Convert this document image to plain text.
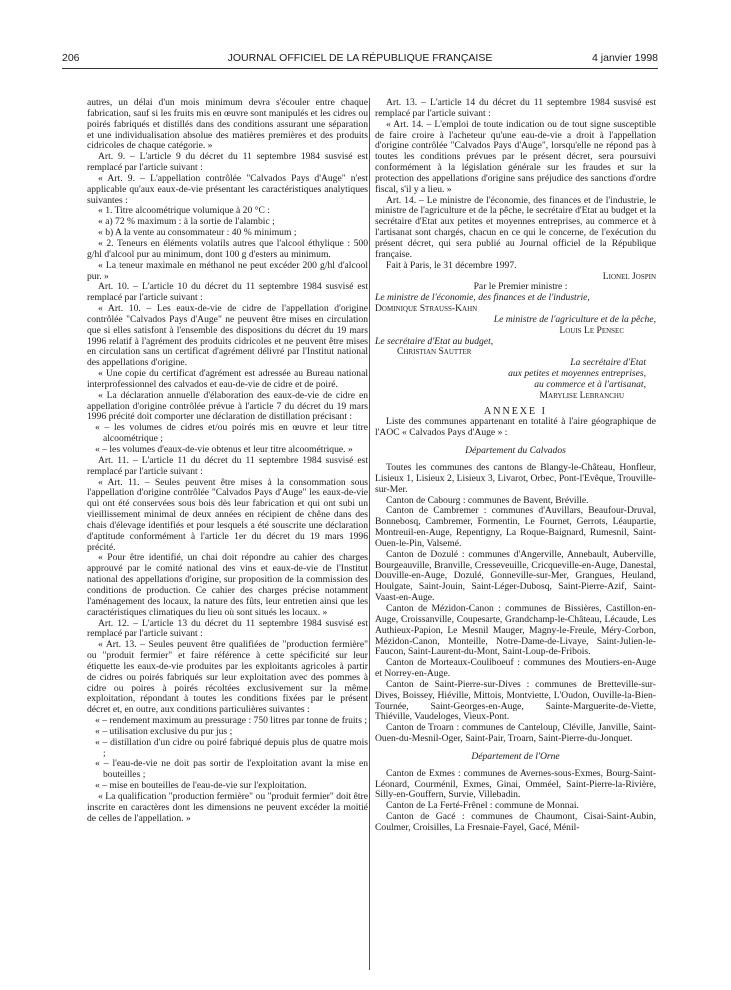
206	JOURNAL OFFICIEL DE LA RÉPUBLIQUE FRANÇAISE	4 janvier 1998

autres, un délai d'un mois minimum devra s'écouler entre chaque fabrication, sauf si les fruits mis en œuvre sont manipulés et les cidres ou poirés fabriqués et distillés dans des conditions assurant une séparation et une individualisation absolue des matières premières et des produits cidricoles de chaque catégorie. »

Art. 9. – L'article 9 du décret du 11 septembre 1984 susvisé est remplacé par l'article suivant :

« Art. 9. – L'appellation contrôlée "Calvados Pays d'Auge" n'est applicable qu'aux eaux-de-vie présentant les caractéristiques analytiques suivantes :

« 1. Titre alcoométrique volumique à 20 °C :

« a) 72 % maximum : à la sortie de l'alambic ;

« b) A la vente au consommateur : 40 % minimum ;

« 2. Teneurs en éléments volatils autres que l'alcool éthylique : 500 g/hl d'alcool pur au minimum, dont 100 g d'esters au minimum.

« La teneur maximale en méthanol ne peut excéder 200 g/hl d'alcool pur. »

Art. 10. – L'article 10 du décret du 11 septembre 1984 susvisé est remplacé par l'article suivant :

« Art. 10. – Les eaux-de-vie de cidre de l'appellation d'origine contrôlée "Calvados Pays d'Auge" ne peuvent être mises en circulation que si elles satisfont à l'ensemble des dispositions du décret du 19 mars 1996 relatif à l'agrément des produits cidricoles et ne peuvent être mises en circulation sans un certificat d'agrément délivré par l'Institut national des appellations d'origine.

« Une copie du certificat d'agrément est adressée au Bureau national interprofessionnel des calvados et eau-de-vie de cidre et de poiré.

« La déclaration annuelle d'élaboration des eaux-de-vie de cidre en appellation d'origine contrôlée prévue à l'article 7 du décret du 19 mars 1996 précité doit comporter une déclaration de distillation précisant :

« – les volumes de cidres et/ou poirés mis en œuvre et leur titre alcoométrique ;

« – les volumes d'eaux-de-vie obtenus et leur titre alcoométrique. »

Art. 11. – L'article 11 du décret du 11 septembre 1984 susvisé est remplacé par l'article suivant :

« Art. 11. – Seules peuvent être mises à la consommation sous l'appellation d'origine contrôlée "Calvados Pays d'Auge" les eaux-de-vie qui ont été conservées sous bois dès leur fabrication et qui ont subi un vieillissement minimal de deux années en récipient de chêne dans des chais d'élevage identifiés et pour lesquels a été souscrite une déclaration d'aptitude conformément à l'article 1er du décret du 19 mars 1996 précité.

« Pour être identifié, un chai doit répondre au cahier des charges approuvé par le comité national des vins et eaux-de-vie de l'Institut national des appellations d'origine, sur proposition de la commission des conditions de production. Ce cahier des charges précise notamment l'aménagement des locaux, la nature des fûts, leur entretien ainsi que les caractéristiques climatiques du lieu où sont situés les locaux. »

Art. 12. – L'article 13 du décret du 11 septembre 1984 susvisé est remplacé par l'article suivant :

« Art. 13. – Seules peuvent être qualifiées de "production fermière" ou "produit fermier" et faire référence à cette spécificité sur leur étiquette les eaux-de-vie produites par les exploitants agricoles à partir de cidres ou poirés fabriqués sur leur exploitation avec des pommes à cidre ou poires à poirés récoltées exclusivement sur la même exploitation, répondant à toutes les conditions fixées par le présent décret et, en outre, aux conditions particulières suivantes :

« – rendement maximum au pressurage : 750 litres par tonne de fruits ;

« – utilisation exclusive du pur jus ;

« – distillation d'un cidre ou poiré fabriqué depuis plus de quatre mois ;

« – l'eau-de-vie ne doit pas sortir de l'exploitation avant la mise en bouteilles ;

« – mise en bouteilles de l'eau-de-vie sur l'exploitation.

« La qualification "production fermière" ou "produit fermier" doit être inscrite en caractères dont les dimensions ne peuvent excéder la moitié de celles de l'appellation. »

Art. 13. – L'article 14 du décret du 11 septembre 1984 susvisé est remplacé par l'article suivant :

« Art. 14. – L'emploi de toute indication ou de tout signe susceptible de faire croire à l'acheteur qu'une eau-de-vie a droit à l'appellation d'origine contrôlée "Calvados Pays d'Auge", lorsqu'elle ne répond pas à toutes les conditions prévues par le présent décret, sera poursuivi conformément à la législation générale sur les fraudes et sur la protection des appellations d'origine sans préjudice des sanctions d'ordre fiscal, s'il y a lieu. »

Art. 14. – Le ministre de l'économie, des finances et de l'industrie, le ministre de l'agriculture et de la pêche, le secrétaire d'Etat au budget et la secrétaire d'Etat aux petites et moyennes entreprises, au commerce et à l'artisanat sont chargés, chacun en ce qui le concerne, de l'exécution du présent décret, qui sera publié au Journal officiel de la République française.

Fait à Paris, le 31 décembre 1997.

Lionel Jospin

Par le Premier ministre :

Le ministre de l'économie, des finances et de l'industrie,

Dominique Strauss-Kahn

Le ministre de l'agriculture et de la pêche,

Louis Le Pensec

Le secrétaire d'Etat au budget,

Christian Sautter

La secrétaire d'Etat

aux petites et moyennes entreprises,

au commerce et à l'artisanat,

Marylise Lebranchu

ANNEXE I

Liste des communes appartenant en totalité à l'aire géographique de l'AOC « Calvados Pays d'Auge » :

Département du Calvados

Toutes les communes des cantons de Blangy-le-Château, Honfleur, Lisieux 1, Lisieux 2, Lisieux 3, Livarot, Orbec, Pont-l'Evêque, Trouville-sur-Mer.

Canton de Cabourg : communes de Bavent, Bréville.

Canton de Cambremer : communes d'Auvillars, Beaufour-Druval, Bonnebosq, Cambremer, Formentin, Le Fournet, Gerrots, Léaupartie, Montreuil-en-Auge, Repentigny, La Roque-Baignard, Rumesnil, Saint-Ouen-le-Pin, Valsemé.

Canton de Dozulé : communes d'Angerville, Annebault, Auberville, Bourgeauville, Branville, Cresseveuille, Cricqueville-en-Auge, Danestal, Douville-en-Auge, Dozulé, Gonneville-sur-Mer, Grangues, Heuland, Houlgate, Saint-Jouin, Saint-Léger-Dubosq, Saint-Pierre-Azif, Saint-Vaast-en-Auge.

Canton de Mézidon-Canon : communes de Bissières, Castillon-en-Auge, Croissanville, Coupesarte, Grandchamp-le-Château, Lécaude, Les Authieux-Papion, Le Mesnil Mauger, Magny-le-Freule, Méry-Corbon, Mézidon-Canon, Monteille, Notre-Dame-de-Livaye, Saint-Julien-le-Faucon, Saint-Laurent-du-Mont, Saint-Loup-de-Fribois.

Canton de Morteaux-Couliboeuf : communes des Moutiers-en-Auge et Norrey-en-Auge.

Canton de Saint-Pierre-sur-Dives : communes de Bretteville-sur-Dives, Boissey, Hiéville, Mittois, Montviette, L'Oudon, Ouville-la-Bien-Tournée, Saint-Georges-en-Auge, Sainte-Marguerite-de-Viette, Thiéville, Vaudeloges, Vieux-Pont.

Canton de Troarn : communes de Canteloup, Cléville, Janville, Saint-Ouen-du-Mesnil-Oger, Saint-Pair, Troarn, Saint-Pierre-du-Jonquet.

Département de l'Orne

Canton de Exmes : communes de Avernes-sous-Exmes, Bourg-Saint-Léonard, Courménil, Exmes, Ginai, Omméel, Saint-Pierre-la-Rivière, Silly-en-Gouffern, Survie, Villebadin.

Canton de La Ferté-Frênel : commune de Monnai.

Canton de Gacé : communes de Chaumont, Cisai-Saint-Aubin, Coulmer, Croisilles, La Fresnaie-Fayel, Gacé, Ménil-
